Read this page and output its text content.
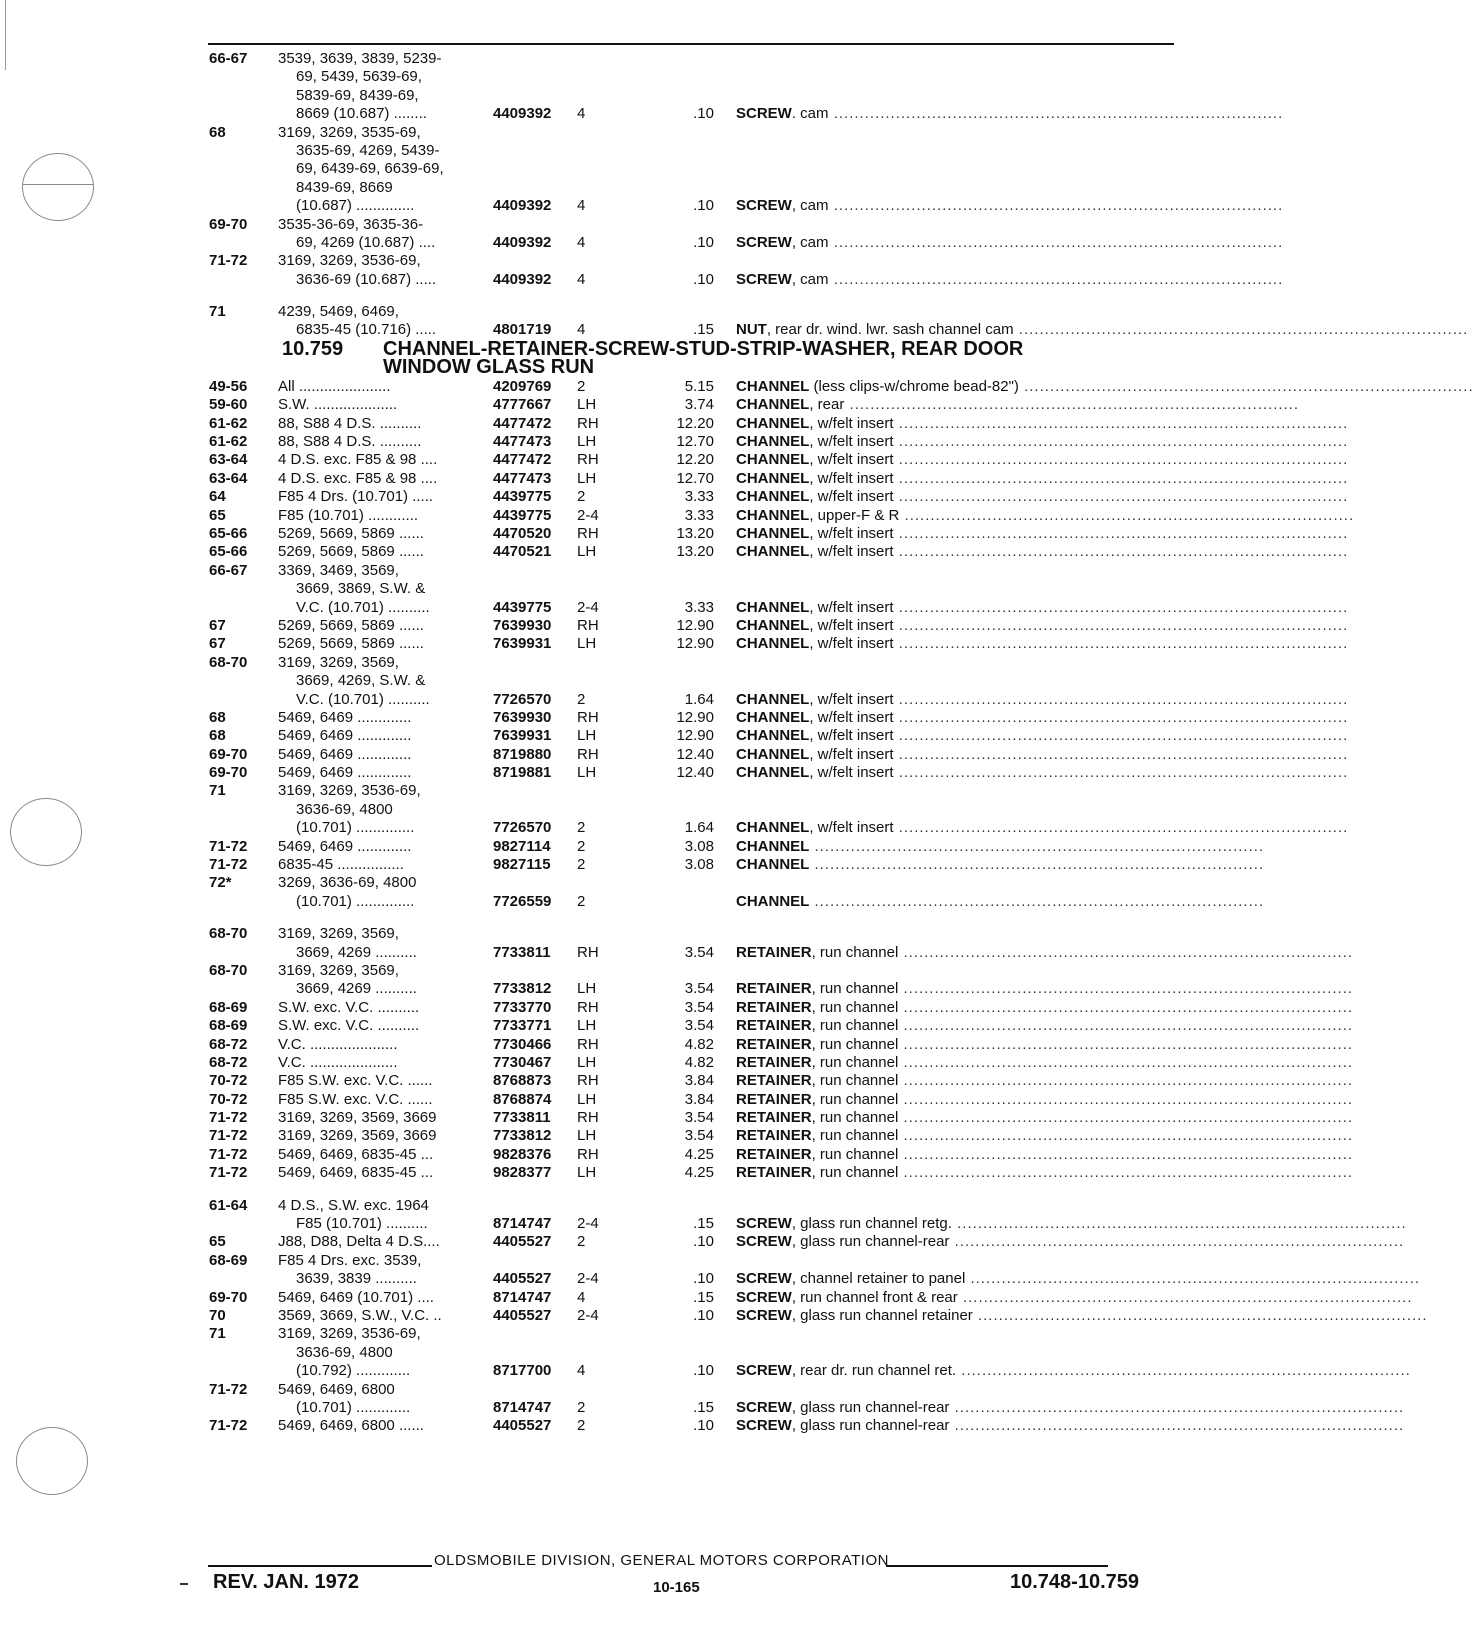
66-67 3539, 3639, 3839, 5239-
69, 5439, 5639-69,
5839-69, 8439-69,
8669 (10.687) ........	4409392 4	.10 SCREW. cam .......................................................................................
68	3169, 3269, 3535-69,
3635-69, 4269, 5439-
69, 6439-69, 6639-69,
8439-69, 8669
(10.687) ..............	4409392 4	.10 SCREW, cam .......................................................................................
69-70 3535-36-69, 3635-36-
69, 4269 (10.687) ....	4409392 4	.10 SCREW, cam .......................................................................................
71-72 3169, 3269, 3536-69,
3636-69 (10.687) .....	4409392 4	.10 SCREW, cam .......................................................................................
71	4239, 5469, 6469,
6835-45 (10.716) .....	4801719 4	.15 NUT, rear dr. wind. lwr. sash channel cam .......................................................................................
10.759 CHANNEL-RETAINER-SCREW-STUD-STRIP-WASHER, REAR DOOR
WINDOW GLASS RUN
49-56 All ......................	4209769 2	5.15 CHANNEL (less clips-w/chrome bead-82") .......................................................................................
59-60 S.W. ....................	4777667 LH	3.74 CHANNEL, rear .......................................................................................
61-62 88, S88 4 D.S. ..........	4477472 RH	12.20 CHANNEL, w/felt insert .......................................................................................
61-62 88, S88 4 D.S. ..........	4477473 LH	12.70 CHANNEL, w/felt insert .......................................................................................
63-64 4 D.S. exc. F85 & 98 ....	4477472 RH	12.20 CHANNEL, w/felt insert .......................................................................................
63-64 4 D.S. exc. F85 & 98 ....	4477473 LH	12.70 CHANNEL, w/felt insert .......................................................................................
64	F85 4 Drs. (10.701) .....	4439775 2	3.33 CHANNEL, w/felt insert .......................................................................................
65	F85 (10.701) ............	4439775 2-4	3.33 CHANNEL, upper-F & R .......................................................................................
65-66 5269, 5669, 5869 ......	4470520 RH	13.20 CHANNEL, w/felt insert .......................................................................................
65-66 5269, 5669, 5869 ......	4470521 LH	13.20 CHANNEL, w/felt insert .......................................................................................
66-67 3369, 3469, 3569,
3669, 3869, S.W. &
V.C. (10.701) ..........	4439775 2-4	3.33 CHANNEL, w/felt insert .......................................................................................
67	5269, 5669, 5869 ......	7639930 RH	12.90 CHANNEL, w/felt insert .......................................................................................
67	5269, 5669, 5869 ......	7639931 LH	12.90 CHANNEL, w/felt insert .......................................................................................
68-70 3169, 3269, 3569,
3669, 4269, S.W. &
V.C. (10.701) ..........	7726570 2	1.64 CHANNEL, w/felt insert .......................................................................................
68	5469, 6469 .............	7639930 RH	12.90 CHANNEL, w/felt insert .......................................................................................
68	5469, 6469 .............	7639931 LH	12.90 CHANNEL, w/felt insert .......................................................................................
69-70 5469, 6469 .............	8719880 RH	12.40 CHANNEL, w/felt insert .......................................................................................
69-70 5469, 6469 .............	8719881 LH	12.40 CHANNEL, w/felt insert .......................................................................................
71	3169, 3269, 3536-69,
3636-69, 4800
(10.701) ..............	7726570 2	1.64 CHANNEL, w/felt insert .......................................................................................
71-72 5469, 6469 .............	9827114 2	3.08 CHANNEL .......................................................................................
71-72 6835-45 ................	9827115 2	3.08 CHANNEL .......................................................................................
72*	3269, 3636-69, 4800
(10.701) ..............	7726559 2	CHANNEL .......................................................................................
68-70 3169, 3269, 3569,
3669, 4269 ..........	7733811 RH	3.54 RETAINER, run channel .......................................................................................
68-70 3169, 3269, 3569,
3669, 4269 ..........	7733812 LH	3.54 RETAINER, run channel .......................................................................................
68-69 S.W. exc. V.C. ..........	7733770 RH	3.54 RETAINER, run channel .......................................................................................
68-69 S.W. exc. V.C. ..........	7733771 LH	3.54 RETAINER, run channel .......................................................................................
68-72 V.C. .....................	7730466 RH	4.82 RETAINER, run channel .......................................................................................
68-72 V.C. .....................	7730467 LH	4.82 RETAINER, run channel .......................................................................................
70-72 F85 S.W. exc. V.C. ......	8768873 RH	3.84 RETAINER, run channel .......................................................................................
70-72 F85 S.W. exc. V.C. ......	8768874 LH	3.84 RETAINER, run channel .......................................................................................
71-72 3169, 3269, 3569, 3669	7733811 RH	3.54 RETAINER, run channel .......................................................................................
71-72 3169, 3269, 3569, 3669	7733812 LH	3.54 RETAINER, run channel .......................................................................................
71-72 5469, 6469, 6835-45 ...	9828376 RH	4.25 RETAINER, run channel .......................................................................................
71-72 5469, 6469, 6835-45 ...	9828377 LH	4.25 RETAINER, run channel .......................................................................................
61-64 4 D.S., S.W. exc. 1964
F85 (10.701) ..........	8714747 2-4	.15 SCREW, glass run channel retg. .......................................................................................
65	J88, D88, Delta 4 D.S....	4405527 2	.10 SCREW, glass run channel-rear .......................................................................................
68-69 F85 4 Drs. exc. 3539,
3639, 3839 ..........	4405527 2-4	.10 SCREW, channel retainer to panel .......................................................................................
69-70 5469, 6469 (10.701) ....	8714747 4	.15 SCREW, run channel front & rear .......................................................................................
70	3569, 3669, S.W., V.C. ..	4405527 2-4	.10 SCREW, glass run channel retainer .......................................................................................
71	3169, 3269, 3536-69,
3636-69, 4800
(10.792) .............	8717700 4	.10 SCREW, rear dr. run channel ret. .......................................................................................
71-72 5469, 6469, 6800
(10.701) .............	8714747 2	.15 SCREW, glass run channel-rear .......................................................................................
71-72 5469, 6469, 6800 ......	4405527 2	.10 SCREW, glass run channel-rear .......................................................................................
OLDSMOBILE DIVISION, GENERAL MOTORS CORPORATION
REV. JAN. 1972	10-165	10.748-10.759
